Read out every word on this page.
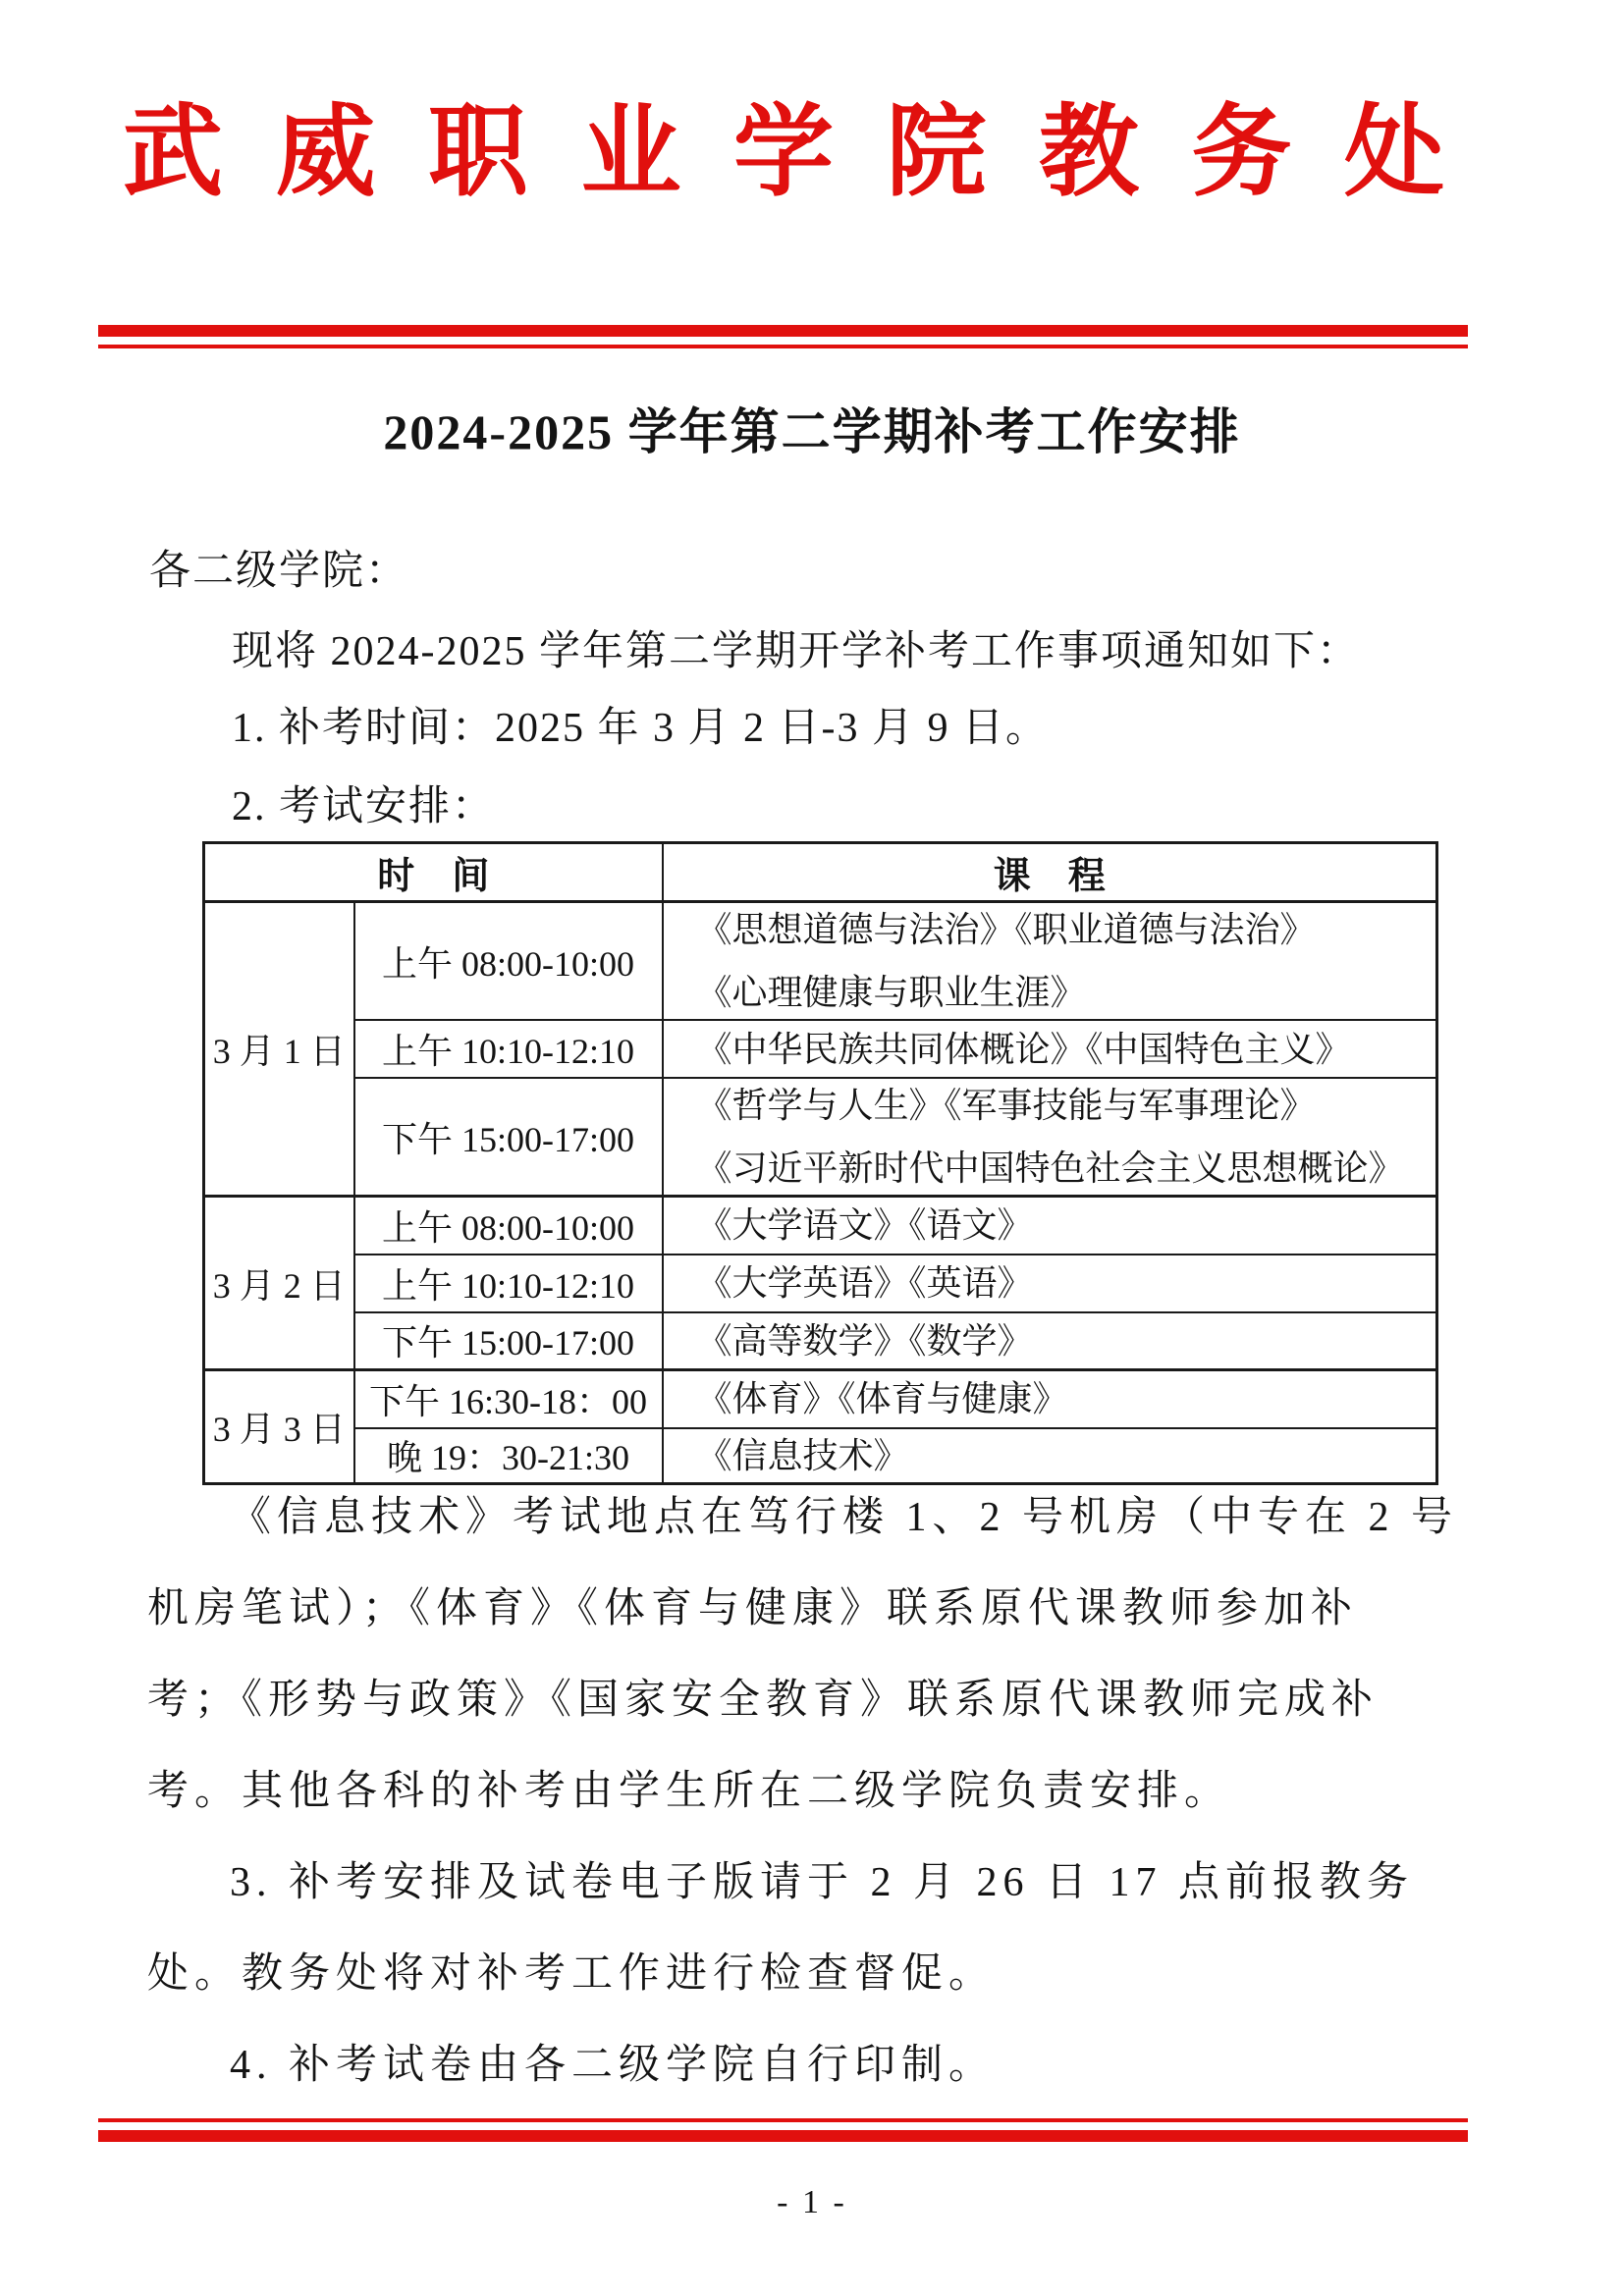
武威职业学院教务处
2024-2025 学年第二学期补考工作安排
各二级学院：
现将 2024-2025 学年第二学期开学补考工作事项通知如下：
1. 补考时间：2025 年 3 月 2 日-3 月 9 日。
2. 考试安排：
时　间		课　程
3 月 1 日	上午 08:00-10:00	《思想道德与法治》《职业道德与法治》
《心理健康与职业生涯》

	上午 10:10-12:10	《中华民族共同体概论》《中国特色主义》

	下午 15:00-17:00	《哲学与人生》《军事技能与军事理论》
《习近平新时代中国特色社会主义思想概论》

3 月 2 日	上午 08:00-10:00	《大学语文》《语文》

	上午 10:10-12:10	《大学英语》《英语》

	下午 15:00-17:00	《高等数学》《数学》

3 月 3 日	下午 16:30-18：00	《体育》《体育与健康》

	晚 19：30-21:30	《信息技术》
《信息技术》考试地点在笃行楼 1、2 号机房（中专在 2 号
机房笔试）；《体育》《体育与健康》联系原代课教师参加补
考；《形势与政策》《国家安全教育》联系原代课教师完成补
考。其他各科的补考由学生所在二级学院负责安排。
3. 补考安排及试卷电子版请于 2 月 26 日 17 点前报教务
处。教务处将对补考工作进行检查督促。
4. 补考试卷由各二级学院自行印制。
- 1 -
